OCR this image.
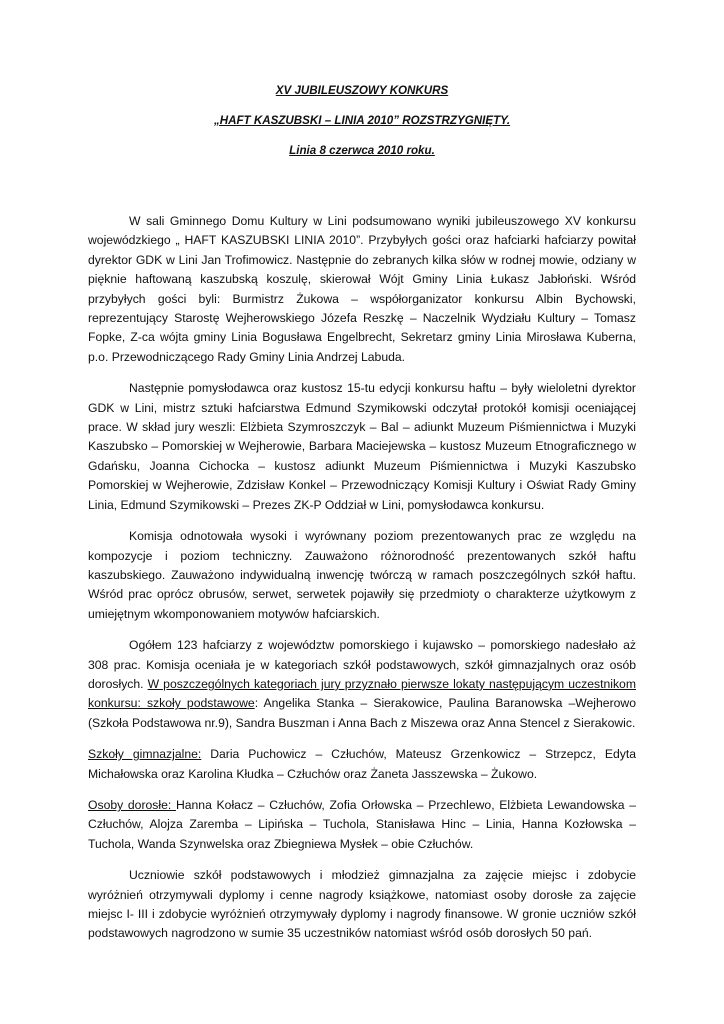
XV JUBILEUSZOWY KONKURS
„HAFT KASZUBSKI – LINIA 2010” ROZSTRZYGNIĘTY.
Linia 8 czerwca 2010 roku.

W sali Gminnego Domu Kultury w Lini podsumowano wyniki jubileuszowego XV konkursu wojewódzkiego „ HAFT KASZUBSKI LINIA 2010”. Przybyłych gości oraz hafciarki hafciarzy powitał dyrektor GDK w Lini Jan Trofimowicz. Następnie do zebranych kilka słów w rodnej mowie, odziany w pięknie haftowaną kaszubską koszulę, skierował Wójt Gminy Linia Łukasz Jabłoński. Wśród przybyłych gości byli: Burmistrz Żukowa – współorganizator konkursu Albin Bychowski, reprezentujący Starostę Wejherowskiego Józefa Reszkę – Naczelnik Wydziału Kultury – Tomasz Fopke, Z-ca wójta gminy Linia Bogusława Engelbrecht, Sekretarz gminy Linia Mirosława Kuberna, p.o. Przewodniczącego Rady Gminy Linia Andrzej Labuda.

Następnie pomysłodawca oraz kustosz 15-tu edycji konkursu haftu – były wieloletni dyrektor GDK w Lini, mistrz sztuki hafciarstwa Edmund Szymikowski odczytał protokół komisji oceniającej prace. W skład jury weszli: Elżbieta Szymroszczyk – Bal – adiunkt Muzeum Piśmiennictwa i Muzyki Kaszubsko – Pomorskiej w Wejherowie, Barbara Maciejewska – kustosz Muzeum Etnograficznego w Gdańsku, Joanna Cichocka – kustosz adiunkt Muzeum Piśmiennictwa i Muzyki Kaszubsko Pomorskiej w Wejherowie, Zdzisław Konkel – Przewodniczący Komisji Kultury i Oświat Rady Gminy Linia, Edmund Szymikowski – Prezes ZK-P Oddział w Lini, pomysłodawca konkursu.

Komisja odnotowała wysoki i wyrównany poziom prezentowanych prac ze względu na kompozycje i poziom techniczny. Zauważono różnorodność prezentowanych szkół haftu kaszubskiego. Zauważono indywidualną inwencję twórczą w ramach poszczególnych szkół haftu. Wśród prac oprócz obrusów, serwet, serwetek pojawiły się przedmioty o charakterze użytkowym z umiejętnym wkomponowaniem motywów hafciarskich.

Ogółem 123 hafciarzy z województw pomorskiego i kujawsko – pomorskiego nadesłało aż 308 prac. Komisja oceniała je w kategoriach szkół podstawowych, szkół gimnazjalnych oraz osób dorosłych. W poszczególnych kategoriach jury przyznało pierwsze lokaty następującym uczestnikom konkursu: szkoły podstawowe: Angelika Stanka – Sierakowice, Paulina Baranowska –Wejherowo (Szkoła Podstawowa nr.9), Sandra Buszman i Anna Bach z Miszewa oraz Anna Stencel z Sierakowic.

Szkoły gimnazjalne: Daria Puchowicz – Człuchów, Mateusz Grzenkowicz – Strzepcz, Edyta Michałowska oraz Karolina Kłudka – Człuchów oraz Żaneta Jasszewska – Żukowo.

Osoby dorosłe: Hanna Kołacz – Człuchów, Zofia Orłowska – Przechlewo, Elżbieta Lewandowska – Człuchów, Alojza Zaremba – Lipińska – Tuchola, Stanisława Hinc – Linia, Hanna Kozłowska – Tuchola, Wanda Szynwelska oraz Zbiegniewa Mysłek – obie Człuchów.

Uczniowie szkół podstawowych i młodzież gimnazjalna za zajęcie miejsc i zdobycie wyróżnień otrzymywali dyplomy i cenne nagrody książkowe, natomiast osoby dorosłe za zajęcie miejsc I- III i zdobycie wyróżnień otrzymywały dyplomy i nagrody finansowe. W gronie uczniów szkół podstawowych nagrodzono w sumie 35 uczestników natomiast wśród osób dorosłych 50 pań.
